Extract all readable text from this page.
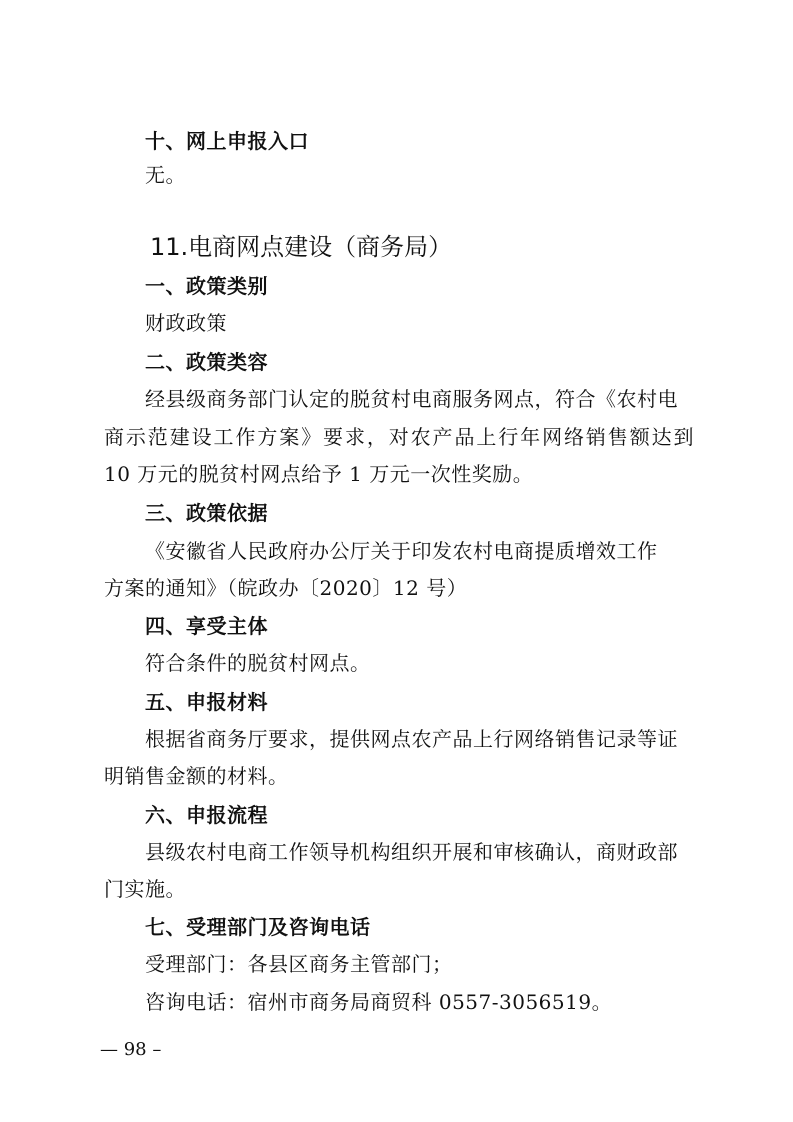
十、网上申报入口
无。
11.电商网点建设（商务局）
一、政策类别
财政政策
二、政策类容
经县级商务部门认定的脱贫村电商服务网点，符合《农村电
商示范建设工作方案》要求，对农产品上行年网络销售额达到
10 万元的脱贫村网点给予 1 万元一次性奖励。
三、政策依据
《安徽省人民政府办公厅关于印发农村电商提质增效工作
方案的通知》（皖政办〔2020〕12 号）
四、享受主体
符合条件的脱贫村网点。
五、申报材料
根据省商务厅要求，提供网点农产品上行网络销售记录等证
明销售金额的材料。
六、申报流程
县级农村电商工作领导机构组织开展和审核确认，商财政部
门实施。
七、受理部门及咨询电话
受理部门：各县区商务主管部门；
咨询电话：宿州市商务局商贸科 0557-3056519。
— 98 –
